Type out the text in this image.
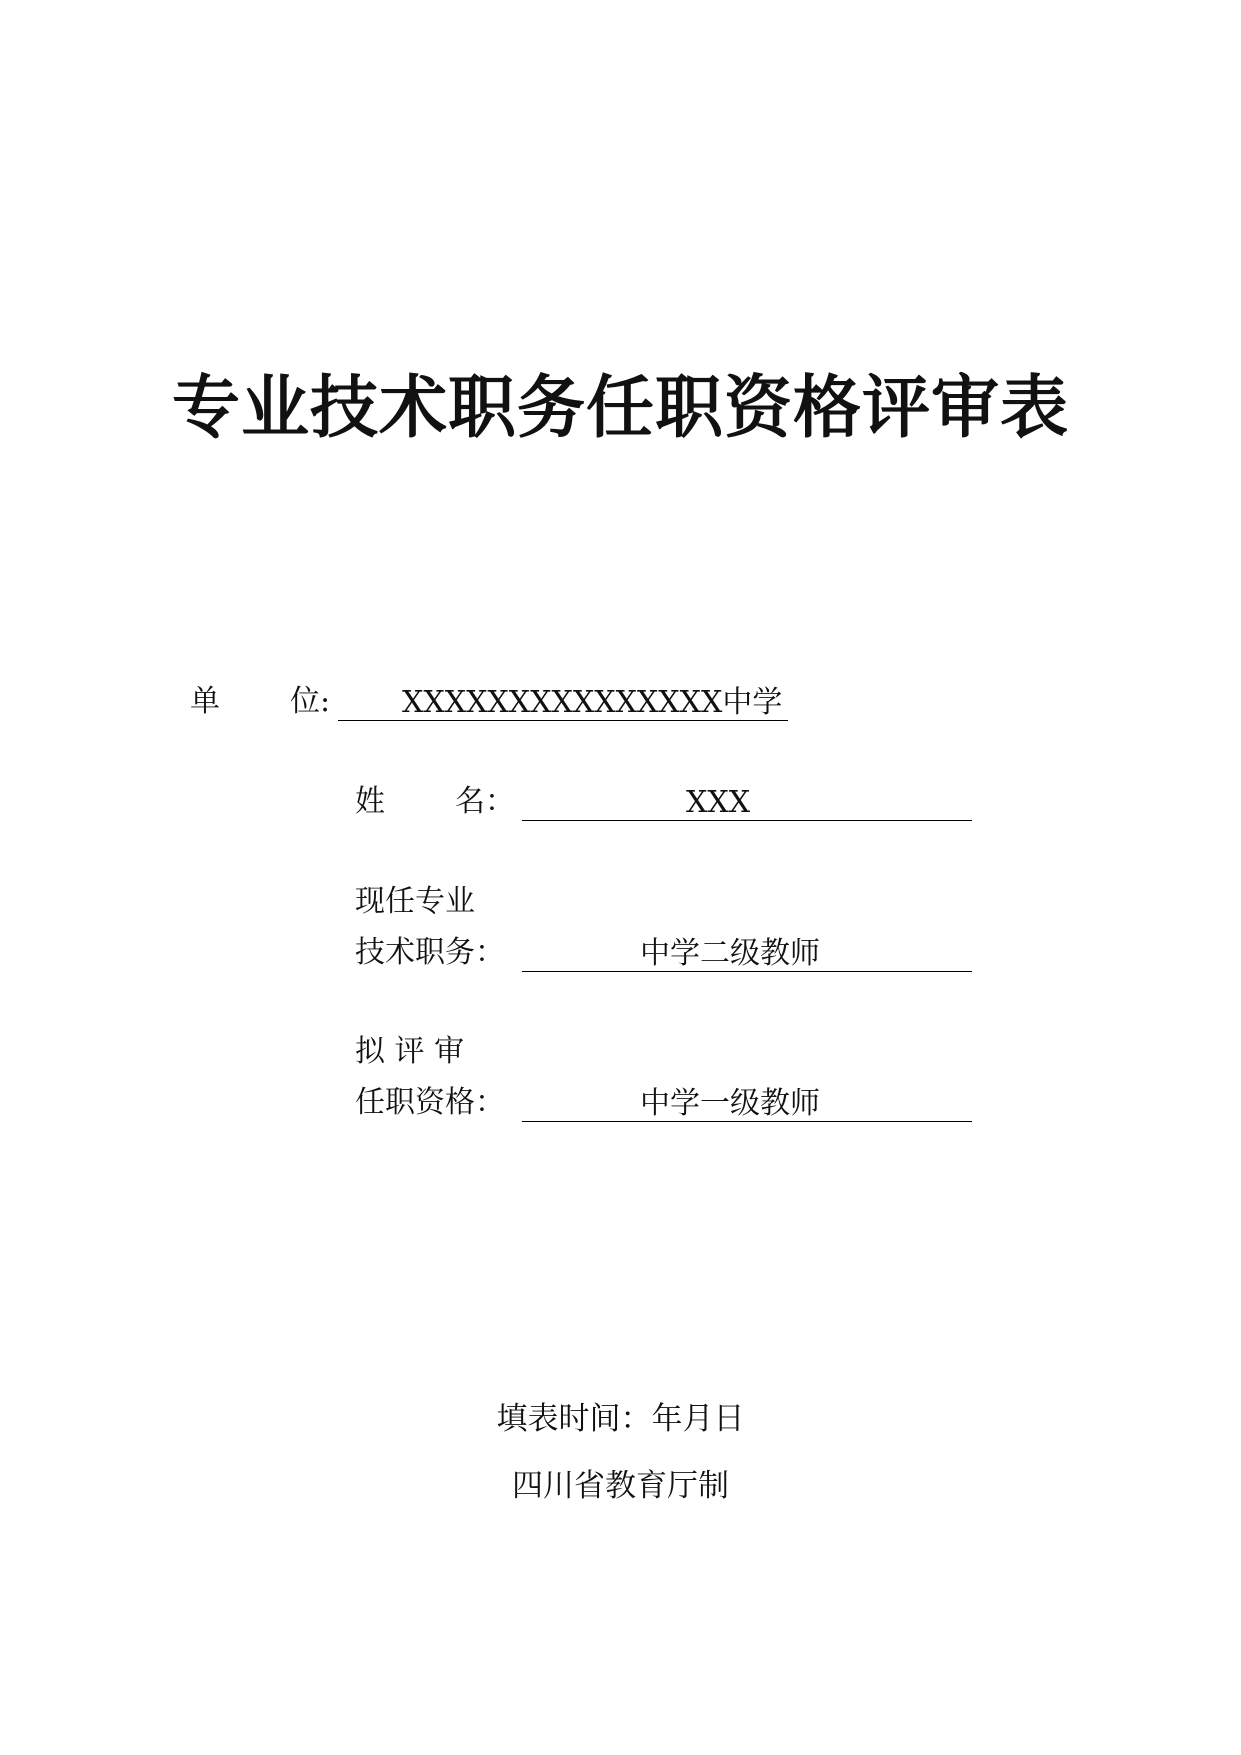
专业技术职务任职资格评审表
单 位: XXXXXXXXXXXXXXX中学
姓 名：	XXX
现任专业
技术职务：	中学二级教师
拟 评 审
任职资格：	中学一级教师
填表时间：年月日
四川省教育厅制
